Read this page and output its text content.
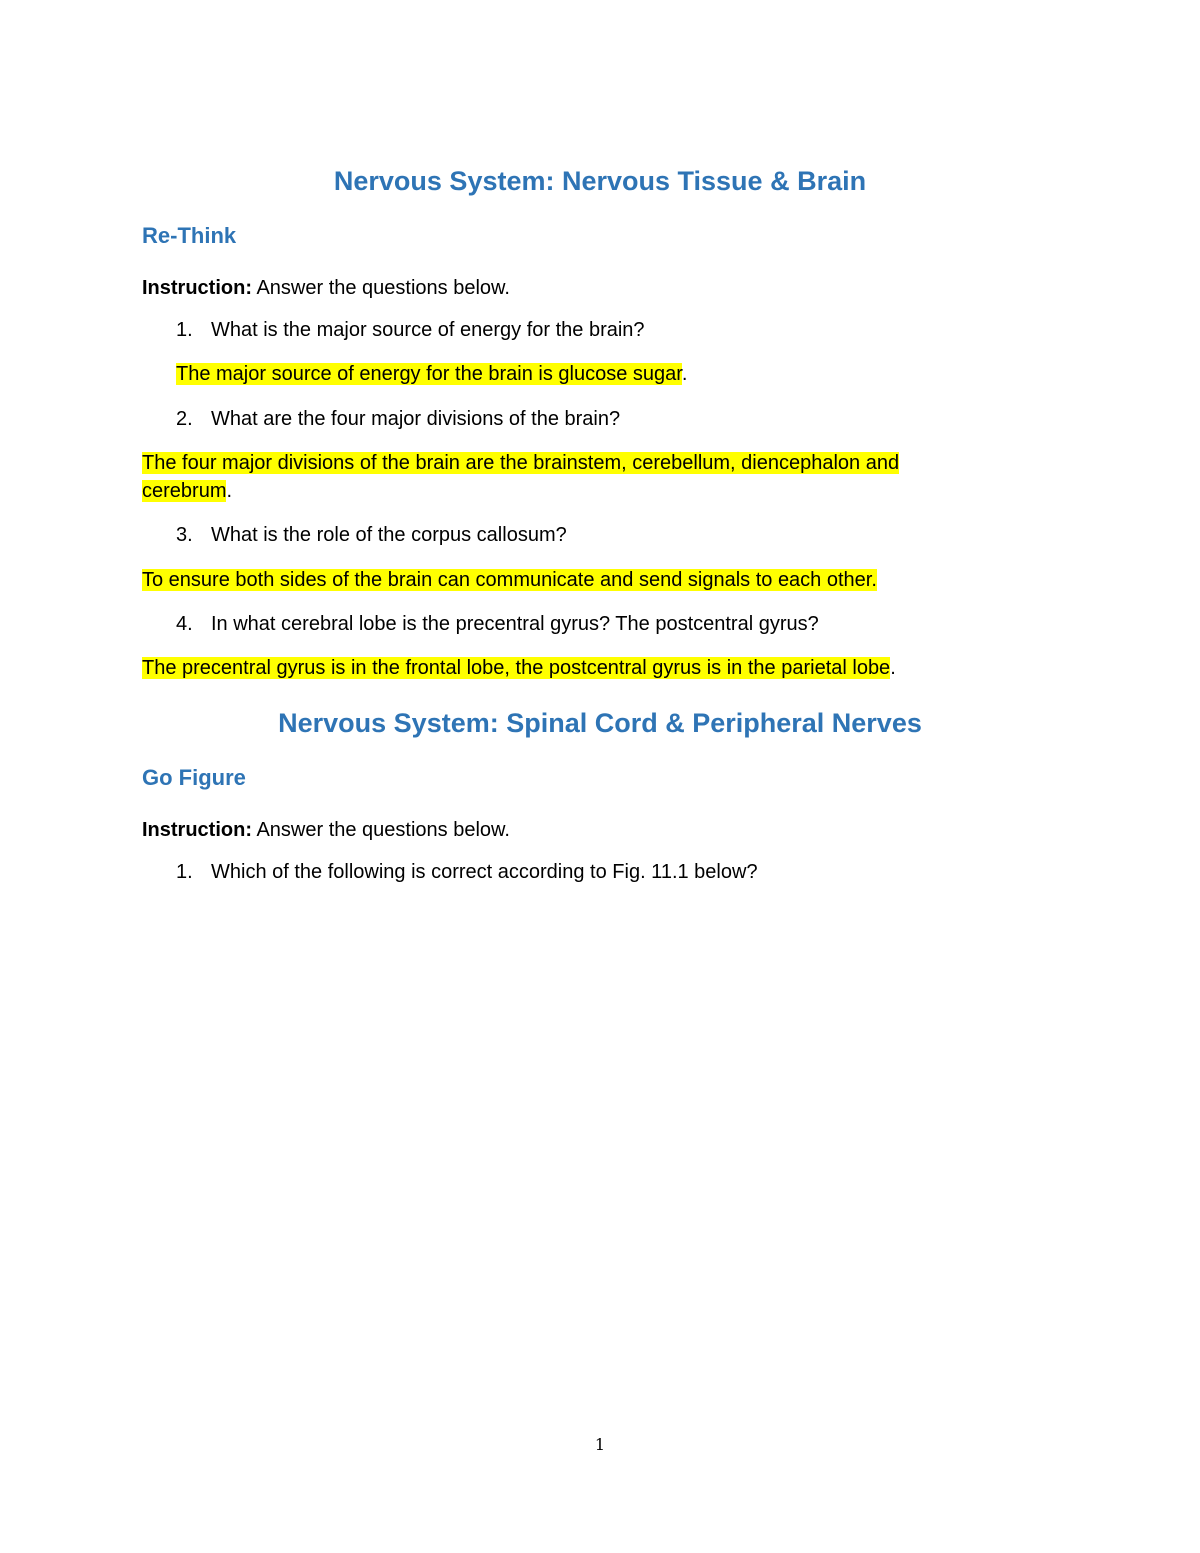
Nervous System: Nervous Tissue & Brain
Re-Think
Instruction: Answer the questions below.
1. What is the major source of energy for the brain?
The major source of energy for the brain is glucose sugar.
2. What are the four major divisions of the brain?
The four major divisions of the brain are the brainstem, cerebellum, diencephalon and
cerebrum.
3. What is the role of the corpus callosum?
To ensure both sides of the brain can communicate and send signals to each other.
4. In what cerebral lobe is the precentral gyrus? The postcentral gyrus?
The precentral gyrus is in the frontal lobe, the postcentral gyrus is in the parietal lobe.
Nervous System: Spinal Cord & Peripheral Nerves
Go Figure
Instruction: Answer the questions below.
1. Which of the following is correct according to Fig. 11.1 below?
1
